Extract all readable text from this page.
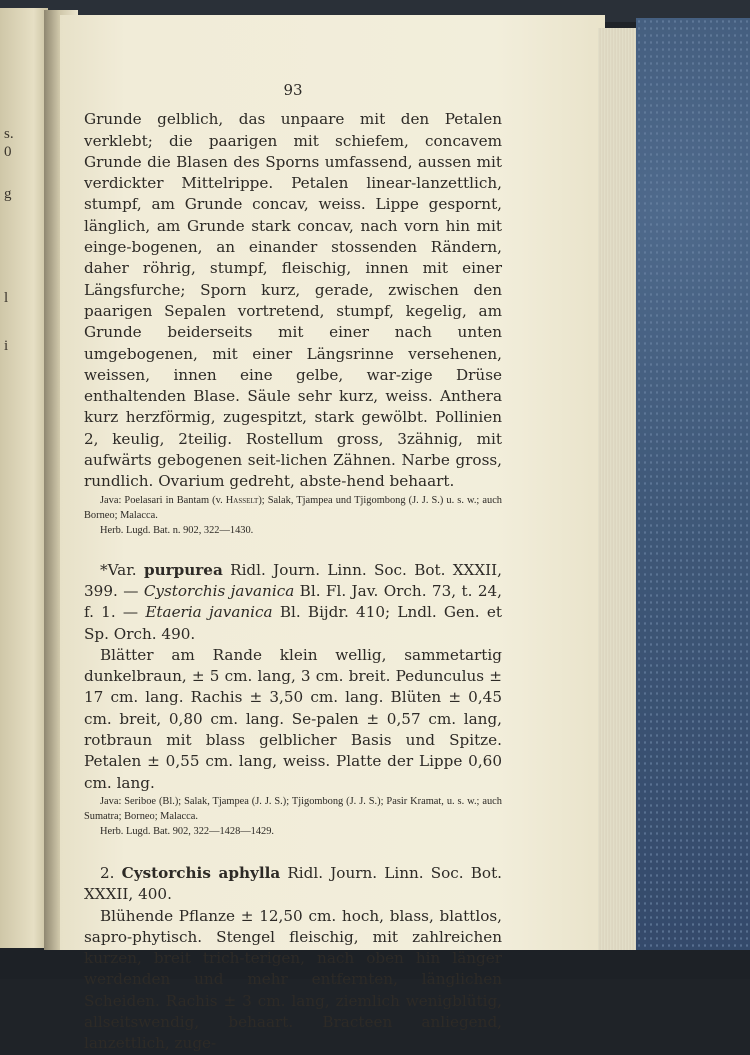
s.
0
g
l
i
93

Grunde gelblich, das unpaare mit den Petalen verklebt; die paarigen mit schiefem, concavem Grunde die Blasen des Sporns umfassend, aussen mit verdickter Mittelrippe. Petalen linear-lanzettlich, stumpf, am Grunde concav, weiss. Lippe gespornt, länglich, am Grunde stark concav, nach vorn hin mit einge-bogenen, an einander stossenden Rändern, daher röhrig, stumpf, fleischig, innen mit einer Längsfurche; Sporn kurz, gerade, zwischen den paarigen Sepalen vortretend, stumpf, kegelig, am Grunde beiderseits mit einer nach unten umgebogenen, mit einer Längsrinne versehenen, weissen, innen eine gelbe, war-zige Drüse enthaltenden Blase. Säule sehr kurz, weiss. Anthera kurz herzförmig, zugespitzt, stark gewölbt. Pollinien 2, keulig, 2teilig. Rostellum gross, 3zähnig, mit aufwärts gebogenen seit-lichen Zähnen. Narbe gross, rundlich. Ovarium gedreht, abste-hend behaart.

Java: Poelasari in Bantam (v. Hasselt); Salak, Tjampea und Tjigombong (J. J. S.) u. s. w.; auch Borneo; Malacca.

Herb. Lugd. Bat. n. 902, 322—1430.

*Var. purpurea Ridl. Journ. Linn. Soc. Bot. XXXII, 399. — Cystorchis javanica Bl. Fl. Jav. Orch. 73, t. 24, f. 1. — Etaeria javanica Bl. Bijdr. 410; Lndl. Gen. et Sp. Orch. 490.

Blätter am Rande klein wellig, sammetartig dunkelbraun, ± 5 cm. lang, 3 cm. breit. Pedunculus ± 17 cm. lang. Rachis ± 3,50 cm. lang. Blüten ± 0,45 cm. breit, 0,80 cm. lang. Se-palen ± 0,57 cm. lang, rotbraun mit blass gelblicher Basis und Spitze. Petalen ± 0,55 cm. lang, weiss. Platte der Lippe 0,60 cm. lang.

Java: Seriboe (Bl.); Salak, Tjampea (J. J. S.); Tjigombong (J. J. S.); Pasir Kramat, u. s. w.; auch Sumatra; Borneo; Malacca.

Herb. Lugd. Bat. 902, 322—1428—1429.

2. Cystorchis aphylla Ridl. Journ. Linn. Soc. Bot. XXXII, 400.

Blühende Pflanze ± 12,50 cm. hoch, blass, blattlos, sapro-phytisch. Stengel fleischig, mit zahlreichen kurzen, breit trich-terigen, nach oben hin länger werdenden und mehr entfernten, länglichen Scheiden. Rachis ± 3 cm. lang, ziemlich wenigblütig, allseitswendig, behaart. Bracteen anliegend, lanzettlich, zuge-
